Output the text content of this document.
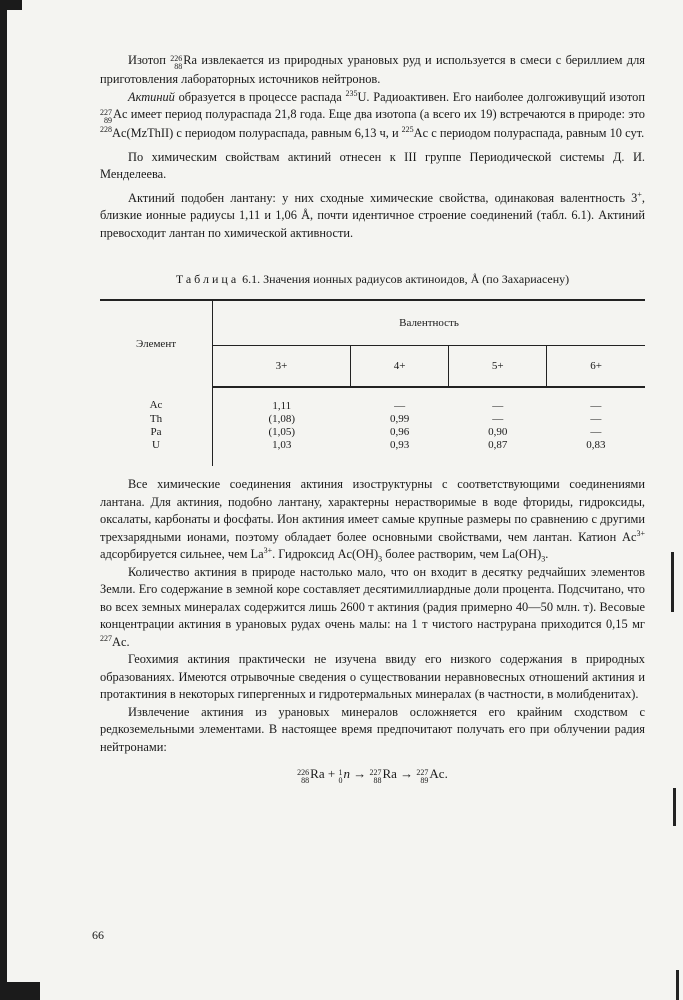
Изотоп 226
88 Ra извлекается из природных урановых руд и используется в смеси с бериллием для приготовления лабораторных источников нейтронов.

Актиний образуется в процессе распада $^{235}$U. Радиоактивен. Его наиболее долгоживущий изотоп
227
89 Ac имеет период полураспада 21,8 года. Еще два изотопа (а всего их 19) встречаются в природе: это $^{228}$Ac(MzThII) с периодом полураспада, равным 6,13 ч, и $^{225}$Ac с периодом полураспада, равным 10 сут.

По химическим свойствам актиний отнесен к III группе Периодической системы Д. И. Менделеева.

Актиний подобен лантану: у них сходные химические свойства, одинаковая валентность 3+, близкие ионные радиусы 1,11 и 1,06 Å, почти идентичное строение соединений (табл. 6.1). Актиний превосходит лантан по химической активности.

Таблица 6.1. Значения ионных радиусов актиноидов, Å (по Захариасену)
Элемент	Валентность			
	3+	4+	5+	6+
Ac	1,11	—	—	—
Th	(1,08)	0,99	—	—
Pa	(1,05)	0,96	0,90	—
U	1,03	0,93	0,87	0,83

Все химические соединения актиния изоструктурны с соответствующими соединениями лантана. Для актиния, подобно лантану, характерны нерастворимые в воде фториды, гидроксиды, оксалаты, карбонаты и фосфаты. Ион актиния имеет самые крупные размеры по сравнению с другими трехзарядными ионами, поэтому обладает более основными свойствами, чем лантан. Катион $Ac^{3+}$ адсорбируется сильнее, чем $La^{3+}$. Гидроксид $Ac(OH)_3$ более растворим, чем $La(OH)_3$.

Количество актиния в природе настолько мало, что он входит в десятку редчайших элементов Земли. Его содержание в земной коре составляет десятимиллиардные доли процента. Подсчитано, что во всех земных минералах содержится лишь 2600 т актиния (радия примерно 40—50 млн. т). Весовые концентрации актиния в урановых рудах очень малы: на 1 т чистого наструрана приходится 0,15 мг $^{227}$Ac.

Геохимия актиния практически не изучена ввиду его низкого содержания в природных образованиях. Имеются отрывочные сведения о существовании неравновесных отношений актиния и протактиния в некоторых гипергенных и гидротермальных минералах (в частности, в молибденитах).

Извлечение актиния из урановых минералов осложняется его крайним сходством с редкоземельными элементами. В настоящее время предпочитают получать его при облучении радия нейтронами:

226
88 Ra + 1
0 n → 227
88 Ra → 227
89 Ac.
66
